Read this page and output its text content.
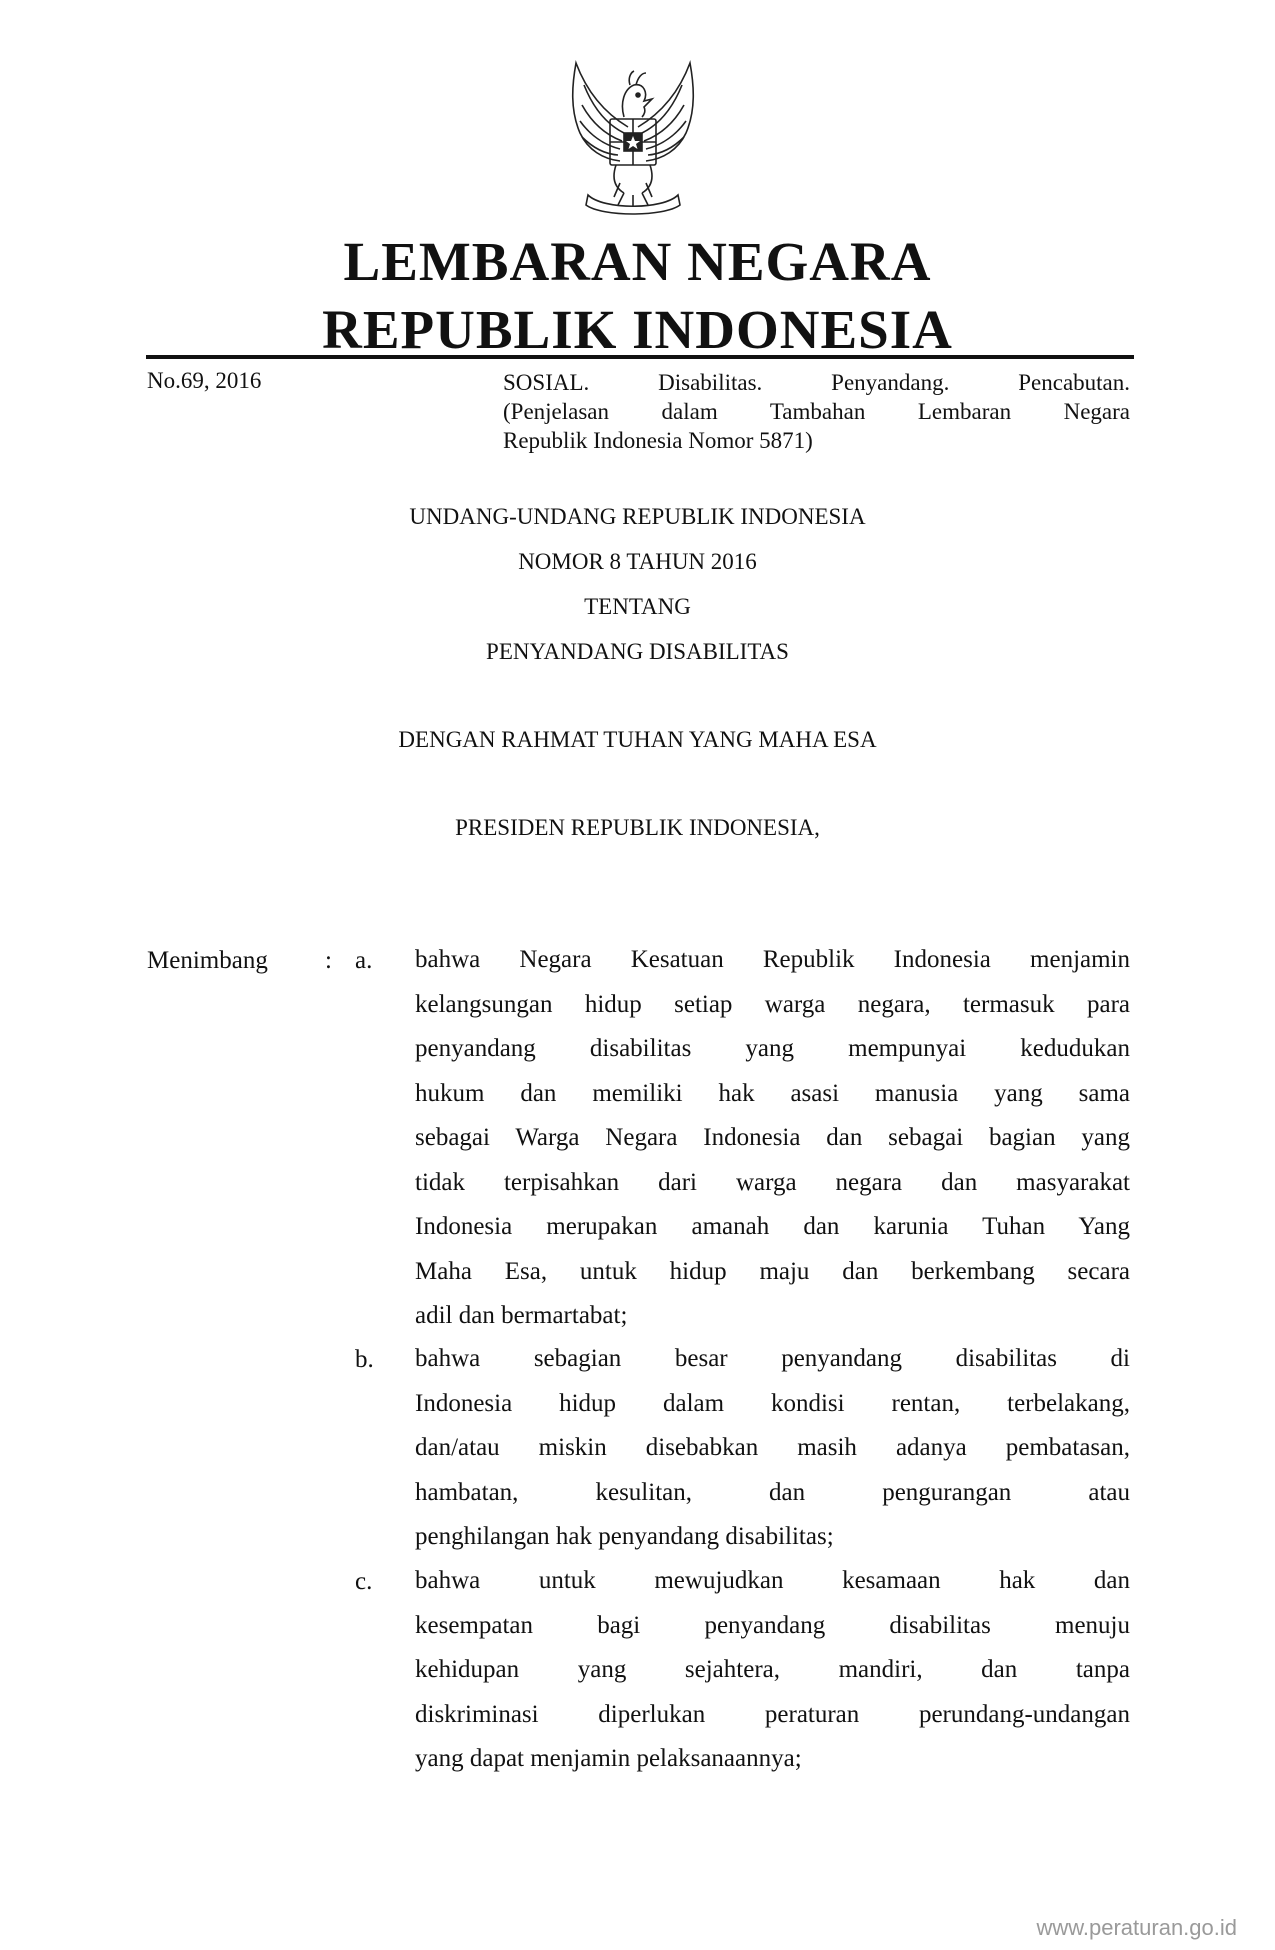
LEMBARAN NEGARA
REPUBLIK INDONESIA
No.69, 2016	SOSIAL. Disabilitas. Penyandang. Pencabutan.
(Penjelasan dalam Tambahan Lembaran Negara
Republik Indonesia Nomor 5871)
UNDANG-UNDANG REPUBLIK INDONESIA
NOMOR 8 TAHUN 2016
TENTANG
PENYANDANG DISABILITAS
DENGAN RAHMAT TUHAN YANG MAHA ESA
PRESIDEN REPUBLIK INDONESIA,
Menimbang : a. bahwa Negara Kesatuan Republik Indonesia menjamin
kelangsungan hidup setiap warga negara, termasuk para
penyandang disabilitas yang mempunyai kedudukan
hukum dan memiliki hak asasi manusia yang sama
sebagai Warga Negara Indonesia dan sebagai bagian yang
tidak terpisahkan dari warga negara dan masyarakat
Indonesia merupakan amanah dan karunia Tuhan Yang
Maha Esa, untuk hidup maju dan berkembang secara
adil dan bermartabat;
b. bahwa sebagian besar penyandang disabilitas di
Indonesia hidup dalam kondisi rentan, terbelakang,
dan/atau miskin disebabkan masih adanya pembatasan,
hambatan, kesulitan, dan pengurangan atau
penghilangan hak penyandang disabilitas;
c. bahwa untuk mewujudkan kesamaan hak dan
kesempatan bagi penyandang disabilitas menuju
kehidupan yang sejahtera, mandiri, dan tanpa
diskriminasi diperlukan peraturan perundang-undangan
yang dapat menjamin pelaksanaannya;
www.peraturan.go.id
